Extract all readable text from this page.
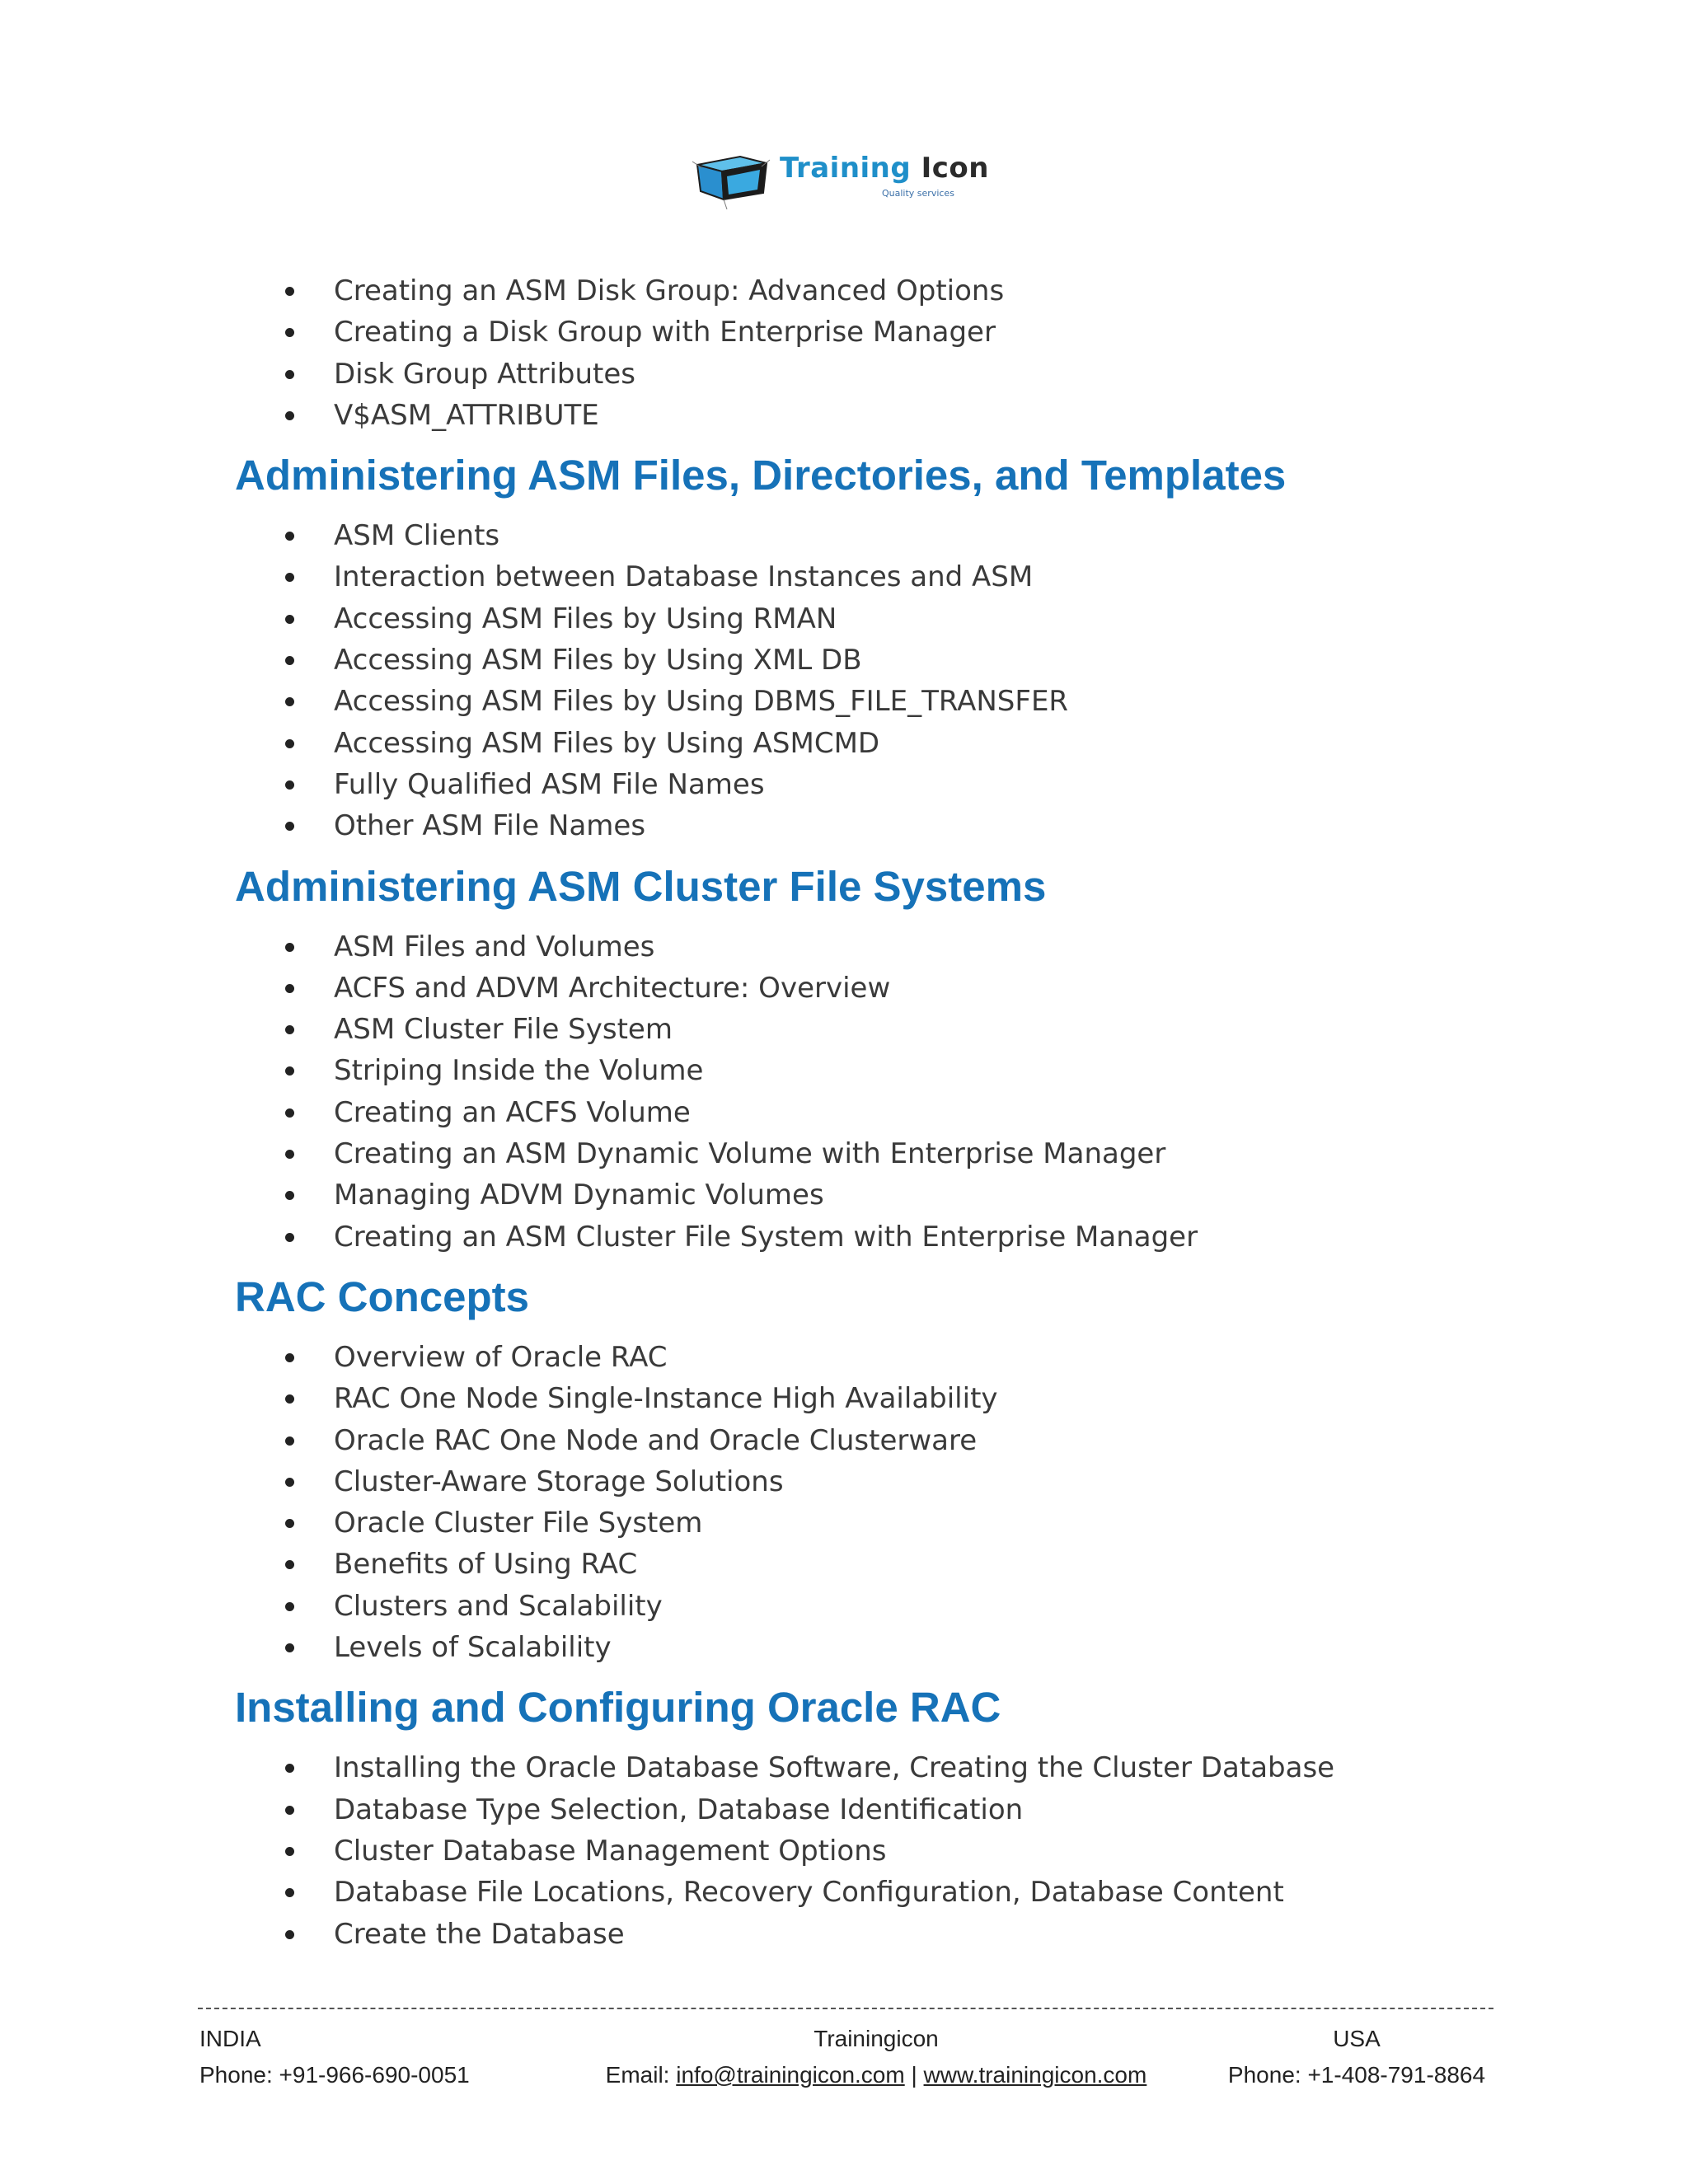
Training Icon
Quality services
Creating an ASM Disk Group: Advanced Options
Creating a Disk Group with Enterprise Manager
Disk Group Attributes
V$ASM_ATTRIBUTE
Administering ASM Files, Directories, and Templates
ASM Clients
Interaction between Database Instances and ASM
Accessing ASM Files by Using RMAN
Accessing ASM Files by Using XML DB
Accessing ASM Files by Using DBMS_FILE_TRANSFER
Accessing ASM Files by Using ASMCMD
Fully Qualified ASM File Names
Other ASM File Names
Administering ASM Cluster File Systems
ASM Files and Volumes
ACFS and ADVM Architecture: Overview
ASM Cluster File System
Striping Inside the Volume
Creating an ACFS Volume
Creating an ASM Dynamic Volume with Enterprise Manager
Managing ADVM Dynamic Volumes
Creating an ASM Cluster File System with Enterprise Manager
RAC Concepts
Overview of Oracle RAC
RAC One Node Single-Instance High Availability
Oracle RAC One Node and Oracle Clusterware
Cluster-Aware Storage Solutions
Oracle Cluster File System
Benefits of Using RAC
Clusters and Scalability
Levels of Scalability
Installing and Configuring Oracle RAC
Installing the Oracle Database Software, Creating the Cluster Database
Database Type Selection, Database Identification
Cluster Database Management Options
Database File Locations, Recovery Configuration, Database Content
Create the Database
INDIA
Phone: +91-966-690-0051
Trainingicon
Email: info@trainingicon.com | www.trainingicon.com
USA
Phone: +1-408-791-8864
